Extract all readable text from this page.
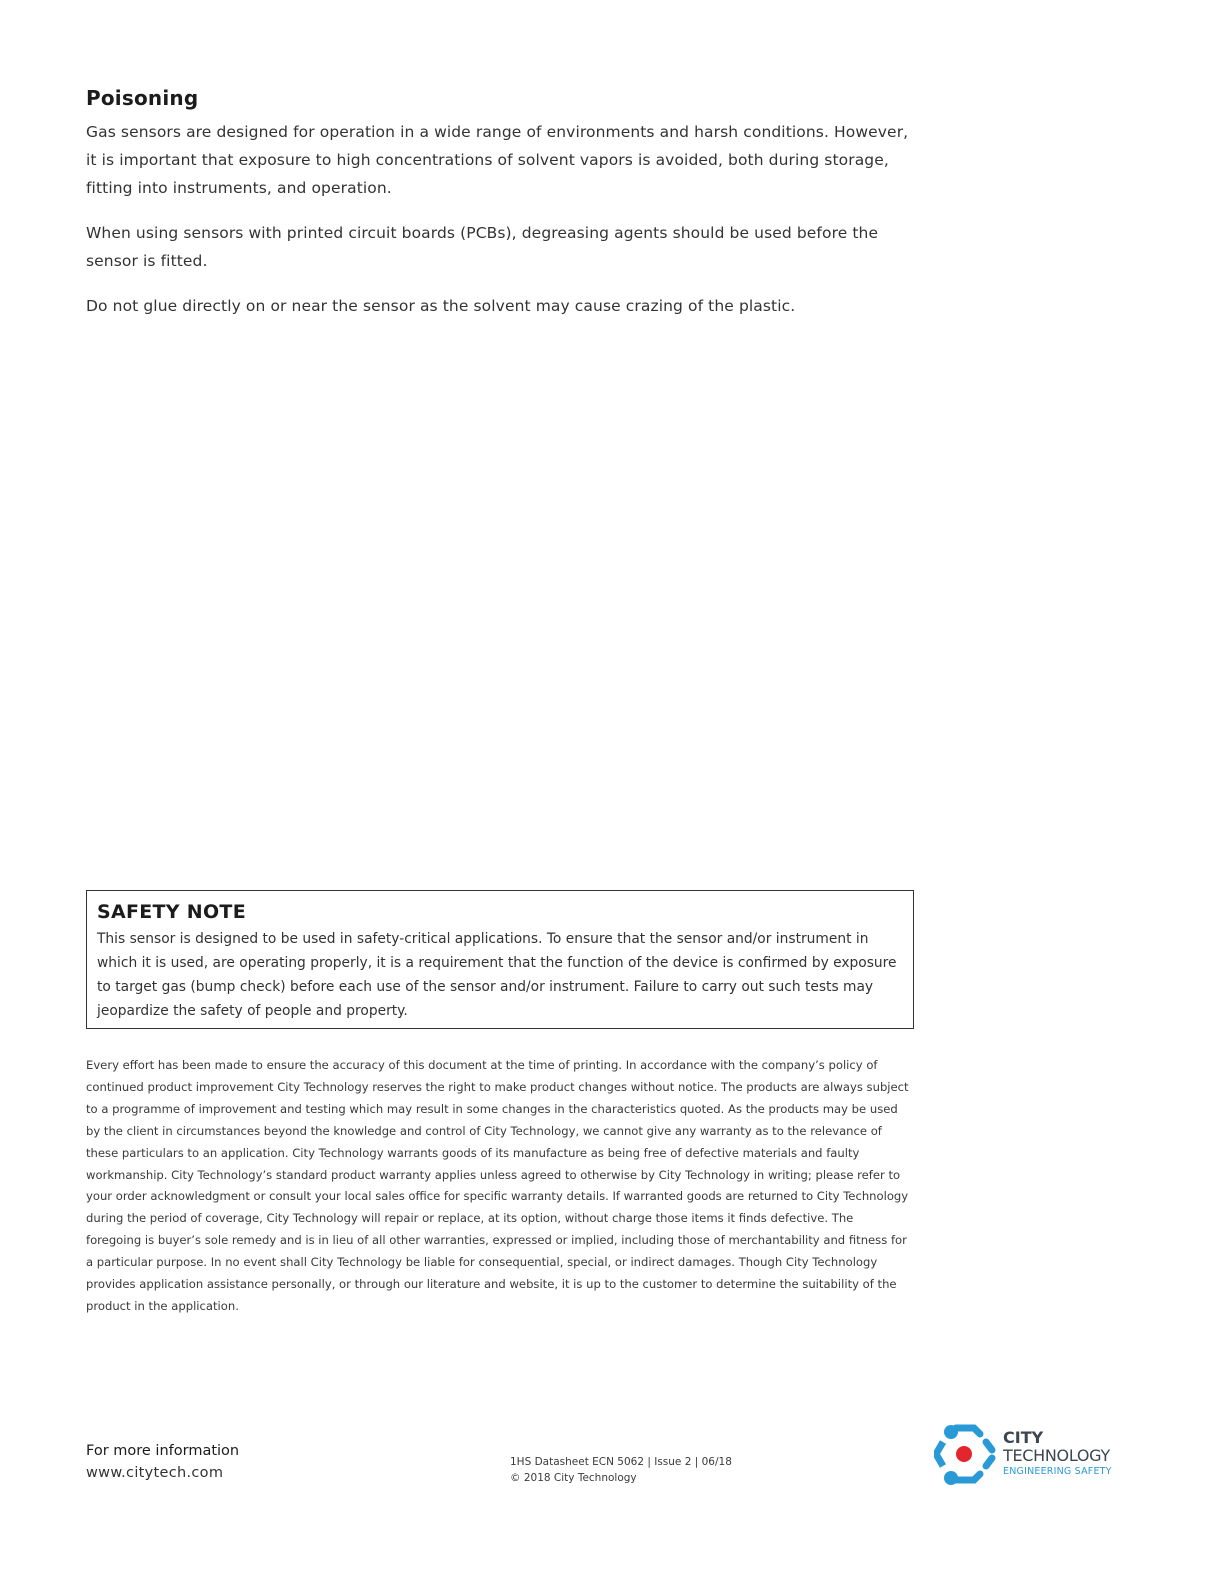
Poisoning

Gas sensors are designed for operation in a wide range of environments and harsh conditions. However, it is important that exposure to high concentrations of solvent vapors is avoided, both during storage, fitting into instruments, and operation.

When using sensors with printed circuit boards (PCBs), degreasing agents should be used before the sensor is fitted.

Do not glue directly on or near the sensor as the solvent may cause crazing of the plastic.

SAFETY NOTE

This sensor is designed to be used in safety-critical applications. To ensure that the sensor and/or instrument in which it is used, are operating properly, it is a requirement that the function of the device is confirmed by exposure to target gas (bump check) before each use of the sensor and/or instrument. Failure to carry out such tests may jeopardize the safety of people and property.

Every effort has been made to ensure the accuracy of this document at the time of printing. In accordance with the company’s policy of continued product improvement City Technology reserves the right to make product changes without notice. The products are always subject to a programme of improvement and testing which may result in some changes in the characteristics quoted. As the products may be used by the client in circumstances beyond the knowledge and control of City Technology, we cannot give any warranty as to the relevance of these particulars to an application. City Technology warrants goods of its manufacture as being free of defective materials and faulty workmanship. City Technology’s standard product warranty applies unless agreed to otherwise by City Technology in writing; please refer to your order acknowledgment or consult your local sales office for specific warranty details. If warranted goods are returned to City Technology during the period of coverage, City Technology will repair or replace, at its option, without charge those items it finds defective. The foregoing is buyer’s sole remedy and is in lieu of all other warranties, expressed or implied, including those of merchantability and fitness for a particular purpose. In no event shall City Technology be liable for consequential, special, or indirect damages. Though City Technology provides application assistance personally, or through our literature and website, it is up to the customer to determine the suitability of the product in the application.

For more information

www.citytech.com
1HS Datasheet ECN 5062 | Issue 2 | 06/18
© 2018 City Technology
CITY
TECHNOLOGY
ENGINEERING SAFETY
